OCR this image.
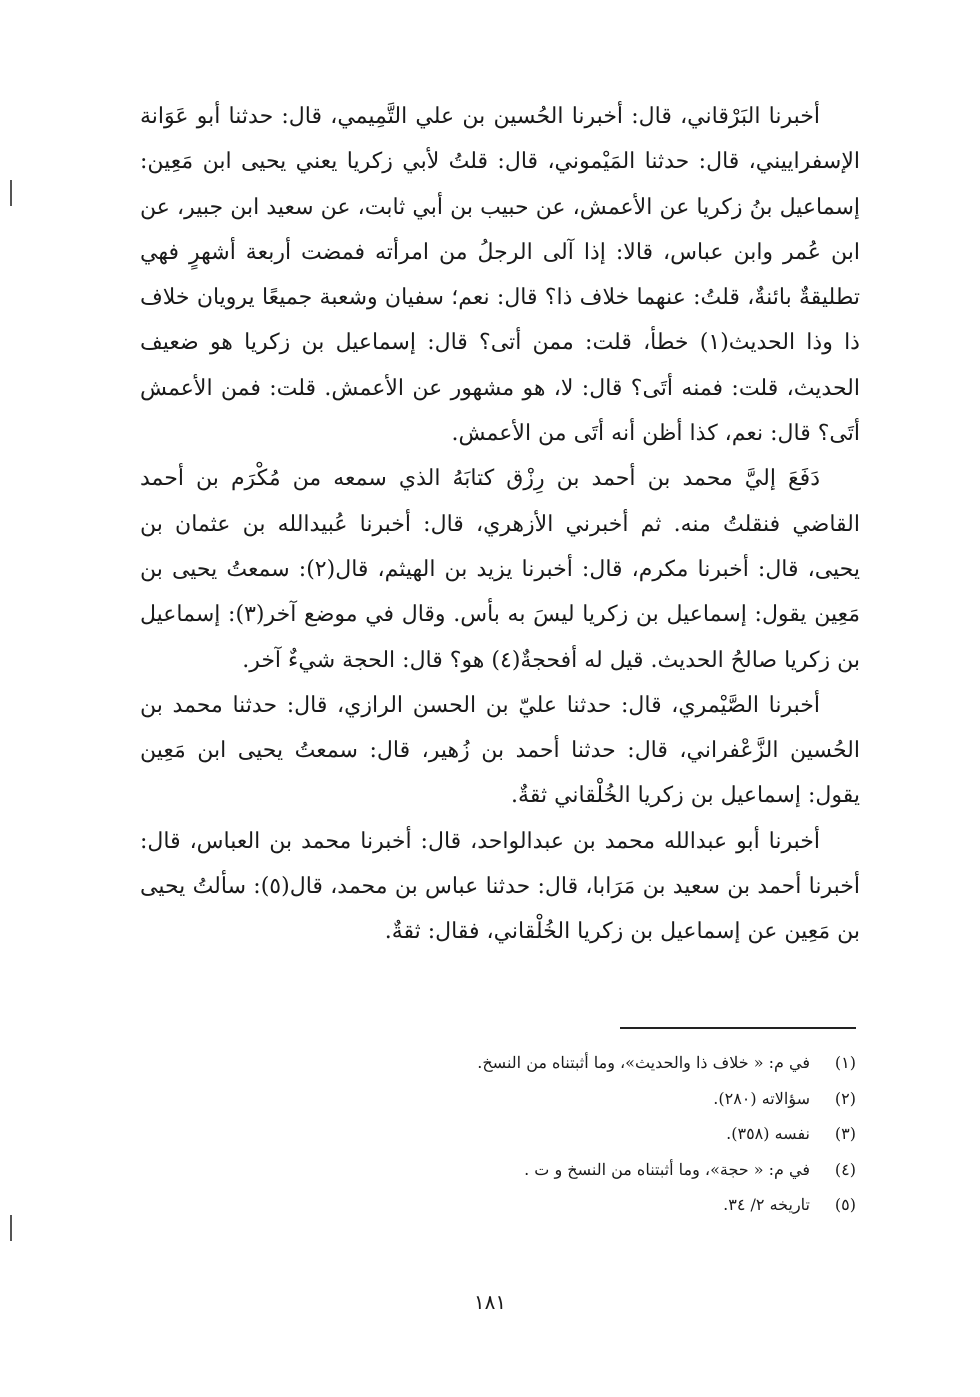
أخبرنا البَرْقاني، قال: أخبرنا الحُسين بن علي التَّمِيمي، قال: حدثنا أبو عَوَانة الإسفراييني، قال: حدثنا المَيْموني، قال: قلتُ لأبي زكريا يعني يحيى ابن مَعِين: إسماعيل بنُ زكريا عن الأعمش، عن حبيب بن أبي ثابت، عن سعيد ابن جبير، عن ابن عُمر وابن عباس، قالا: إذا آلى الرجلُ من امرأته فمضت أربعة أشهرٍ فهي تطليقةٌ بائنةٌ، قلتُ: عنهما خلاف ذا؟ قال: نعم؛ سفيان وشعبة جميعًا يرويان خلاف ذا وذا الحديث(١) خطأ، قلت: ممن أتى؟ قال: إسماعيل بن زكريا هو ضعيف الحديث، قلت: فمنه أتَى؟ قال: لا، هو مشهور عن الأعمش. قلت: فمن الأعمش أتَى؟ قال: نعم، كذا أظن أنه أتَى من الأعمش.

دَفَعَ إليَّ محمد بن أحمد بن رِزْق كتابَهُ الذي سمعه من مُكْرَم بن أحمد القاضي فنقلتُ منه. ثم أخبرني الأزهري، قال: أخبرنا عُبيدالله بن عثمان بن يحيى، قال: أخبرنا مكرم، قال: أخبرنا يزيد بن الهيثم، قال(٢): سمعتُ يحيى بن مَعِين يقول: إسماعيل بن زكريا ليسَ به بأس. وقال في موضع آخر(٣): إسماعيل بن زكريا صالحُ الحديث. قيل له أفحجةٌ(٤) هو؟ قال: الحجة شيءٌ آخر.

أخبرنا الصَّيْمري، قال: حدثنا عليّ بن الحسن الرازي، قال: حدثنا محمد بن الحُسين الزَّعْفراني، قال: حدثنا أحمد بن زُهير، قال: سمعتُ يحيى ابن مَعِين يقول: إسماعيل بن زكريا الخُلْقاني ثقةٌ.

أخبرنا أبو عبدالله محمد بن عبدالواحد، قال: أخبرنا محمد بن العباس، قال: أخبرنا أحمد بن سعيد بن مَرَابا، قال: حدثنا عباس بن محمد، قال(٥): سألتُ يحيى بن مَعِين عن إسماعيل بن زكريا الخُلْقاني، فقال: ثقةٌ.

(١)
في م: « خلاف ذا والحديث»، وما أثبتناه من النسخ.
(٢)
سؤالاته (٢٨٠).
(٣)
نفسه (٣٥٨).
(٤)
في م: « حجة»، وما أثبتناه من النسخ و ت .
(٥)
تاريخه ٢/ ٣٤.
١٨١
